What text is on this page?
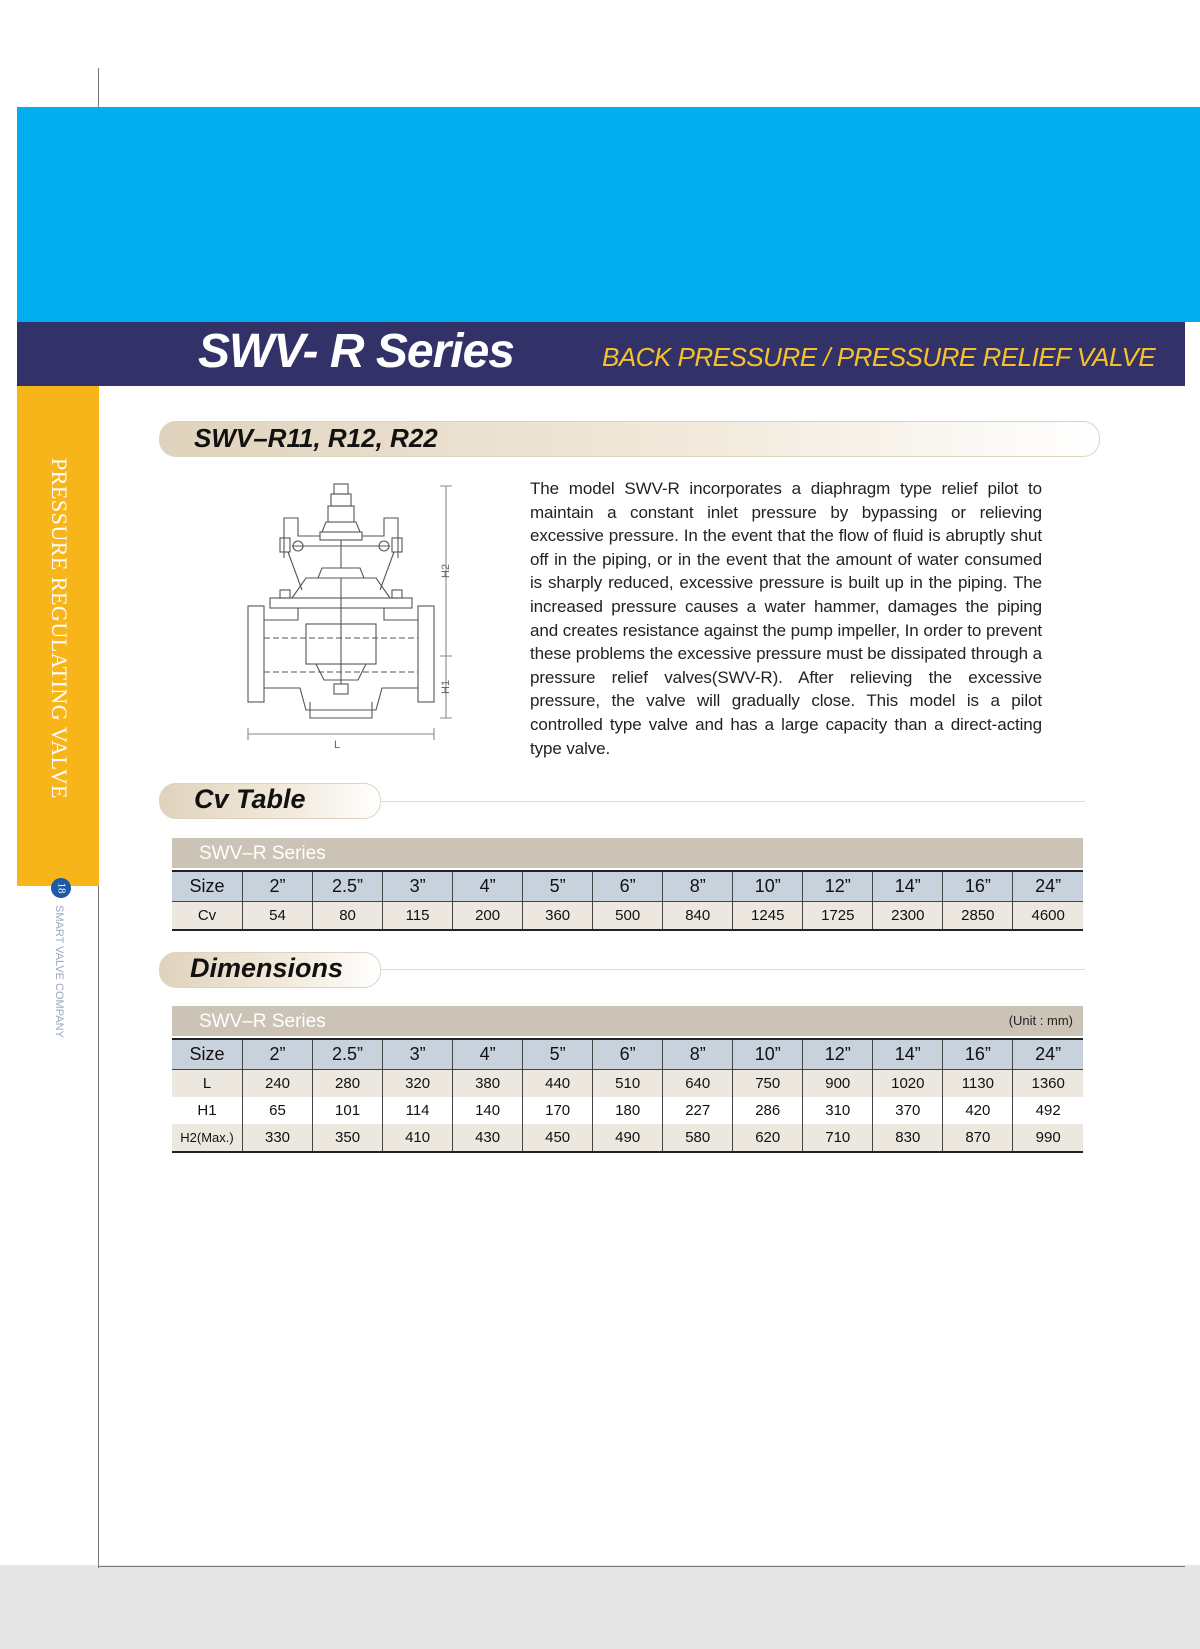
SWV- R Series	BACK PRESSURE / PRESSURE RELIEF VALVE
PRESSURE REGULATING VALVE
18
SMART VALVE COMPANY
SWV–R11, R12, R22
H2
H1
L
The model SWV-R incorporates a diaphragm type relief pilot to maintain a constant inlet pressure by bypassing or relieving excessive pressure. In the event that the flow of fluid is abruptly shut off in the piping, or in the event that the amount of water consumed is sharply reduced, excessive pressure is built up in the piping. The increased pressure causes a water hammer, damages the piping and creates resistance against the pump impeller, In order to prevent these problems the excessive pressure must be dissipated through a pressure relief valves(SWV-R). After relieving the excessive pressure, the valve will gradually close. This model is a pilot controlled type valve and has a large capacity than a direct-acting type valve.
Cv Table
SWV–R Series
Size	2”	2.5”	3”	4”	5”	6”	8”	10”	12”	14”	16”	24”
Cv	54	80	115	200	360	500	840	1245	1725	2300	2850	4600
Dimensions
SWV–R Series	(Unit : mm)
Size	2”	2.5”	3”	4”	5”	6”	8”	10”	12”	14”	16”	24”
L	240	280	320	380	440	510	640	750	900	1020	1130	1360
H1	65	101	114	140	170	180	227	286	310	370	420	492
H2(Max.)	330	350	410	430	450	490	580	620	710	830	870	990
